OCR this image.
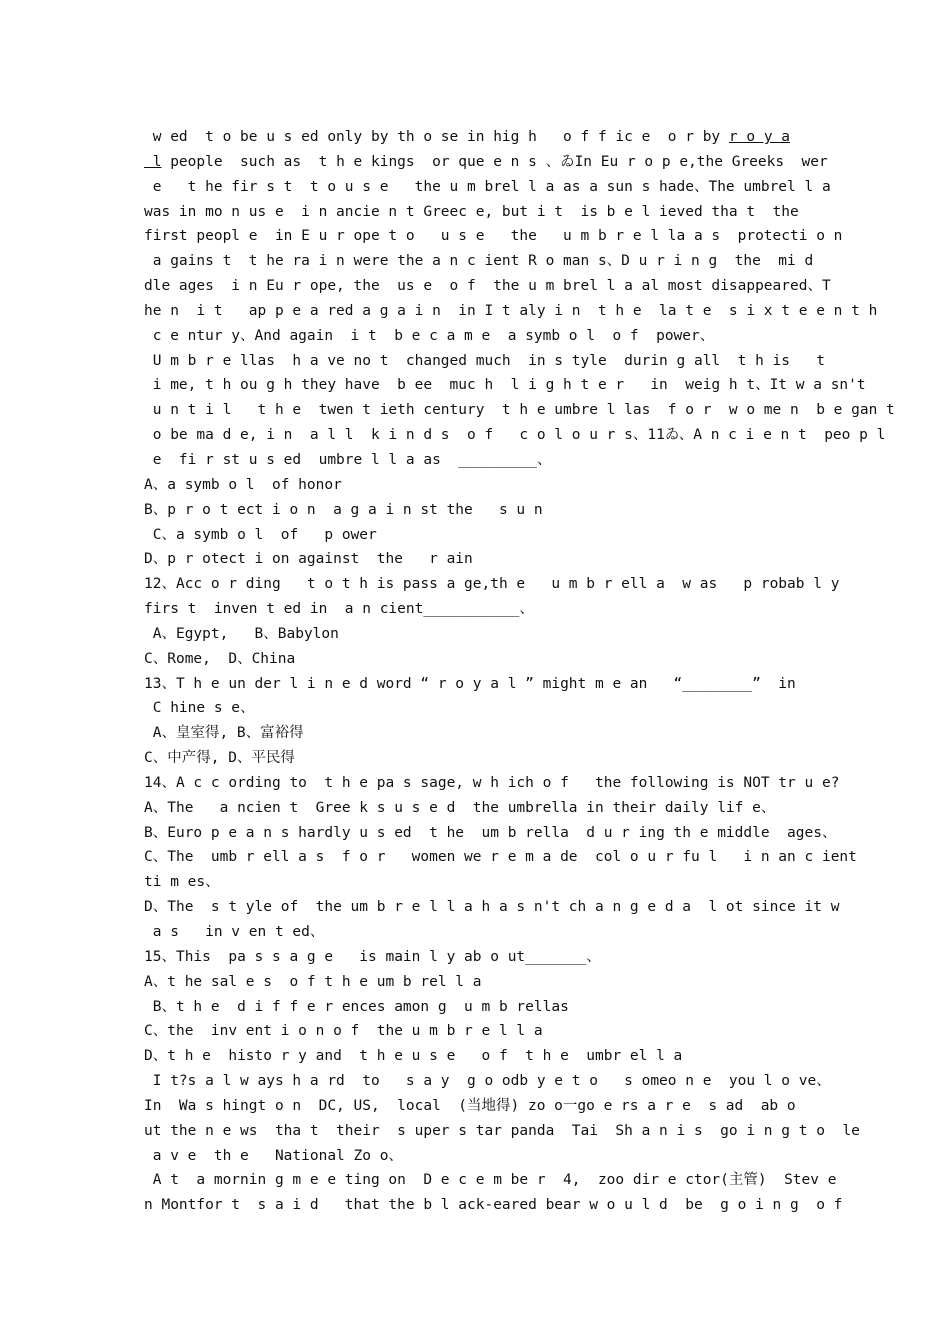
w ed  t o be u s ed only by th o se in hig h   o f f ic e  o r by r o y a
l people  such as  t h e kings  or que e n s 、ゐIn Eu r o p e,the Greeks  wer
e   t he fir s t  t o u s e   the u m brel l a as a sun s hade、The umbrel l a
was in mo n us e  i n ancie n t Greec e, but i t  is b e l ieved tha t  the
first peopl e  in E u r ope t o   u s e   the   u m b r e l la a s  protecti o n
a gains t  t he ra i n were the a n c ient R o man s、D u r i n g  the  mi d
dle ages  i n Eu r ope, the  us e  o f  the u m brel l a al most disappeared、T
he n  i t   ap p e a red a g a i n  in I t aly i n  t h e  la t e  s i x t e e n t h
c e ntur y、And again  i t  b e c a m e  a symb o l  o f  power、
U m b r e llas  h a ve no t  changed much  in s tyle  durin g all  t h is   t
i me, t h ou g h they have  b ee  muc h  l i g h t e r   in  weig h t、It w a sn't
u n t i l   t h e  twen t ieth century  t h e umbre l las  f o r  w o me n  b e gan t
o be ma d e, i n  a l l  k i n d s  o f   c o l o u r s、11ゐ、A n c i e n t  peo p l
e  fi r st u s ed  umbre l l a as  _________、
A、a symb o l  of honor
B、p r o t ect i o n  a g a i n st the   s u n
C、a symb o l  of   p ower
D、p r otect i on against  the   r ain
12、Acc o r ding   t o t h is pass a ge,th e   u m b r ell a  w as   p robab l y
firs t  inven t ed in  a n cient___________、
A、Egypt,   B、Babylon
C、Rome,  D、China
13、T h e un der l i n e d word “ r o y a l ” might m e an   “________”  in
C hine s e、
A、皇室得, B、富裕得
C、中产得, D、平民得
14、A c c ording to  t h e pa s sage, w h ich o f   the following is NOT tr u e?
A、The   a ncien t  Gree k s u s e d  the umbrella in their daily lif e、
B、Euro p e a n s hardly u s ed  t he  um b rella  d u r ing th e middle  ages、
C、The  umb r ell a s  f o r   women we r e m a de  col o u r fu l   i n an c ient
ti m es、
D、The  s t yle of  the um b r e l l a h a s n't ch a n g e d a  l ot since it w
a s   in v en t ed、
15、This  pa s s a g e   is main l y ab o ut_______、
A、t he sal e s  o f t h e um b rel l a
B、t h e  d i f f e r ences amon g  u m b rellas
C、the  inv ent i o n o f  the u m b r e l l a
D、t h e  histo r y and  t h e u s e   o f  t h e  umbr el l a
I t?s a l w ays h a rd  to   s a y  g o odb y e t o   s omeo n e  you l o ve、
In  Wa s hingt o n  DC, US,  local  (当地得) zo o一go e rs a r e  s ad  ab o
ut the n e ws  tha t  their  s uper s tar panda  Tai  Sh a n i s  go i n g t o  le
a v e  th e   National Zo o、
A t  a mornin g m e e ting on  D e c e m be r  4,  zoo dir e ctor(主管)  Stev e
n Montfor t  s a i d   that the b l ack-eared bear w o u l d  be  g o i n g  o f
